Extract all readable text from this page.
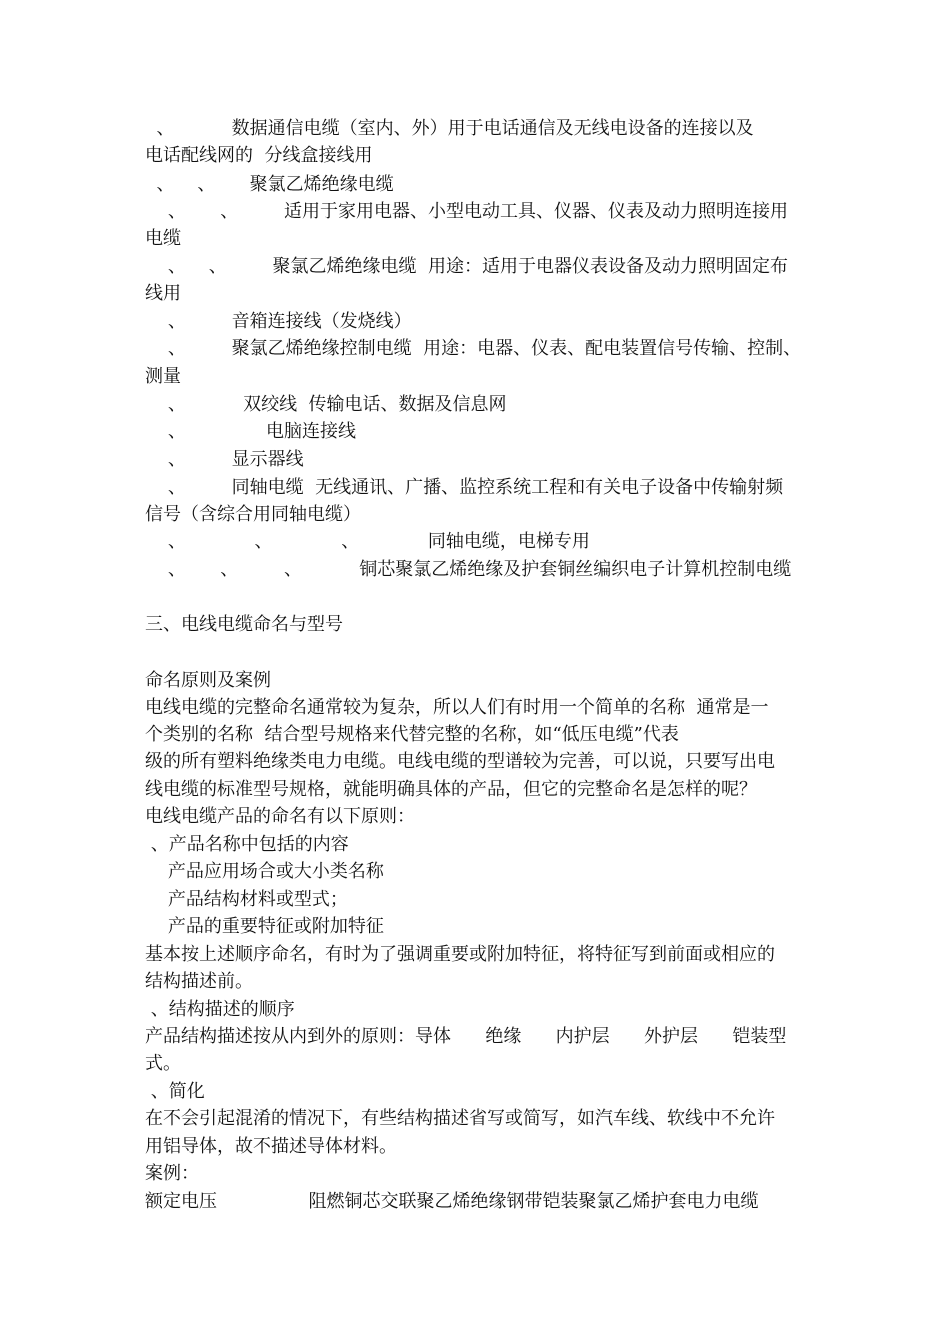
、          数据通信电缆（室内、外）用于电话通信及无线电设备的连接以及
电话配线网的  分线盒接线用
、    、      聚氯乙烯绝缘电缆
、      、        适用于家用电器、小型电动工具、仪器、仪表及动力照明连接用
电缆
、    、        聚氯乙烯绝缘电缆  用途：适用于电器仪表设备及动力照明固定布
线用
、        音箱连接线（发烧线）
、        聚氯乙烯绝缘控制电缆  用途：电器、仪表、配电装置信号传输、控制、
测量
、          双绞线  传输电话、数据及信息网
、              电脑连接线
、        显示器线
、        同轴电缆  无线通讯、广播、监控系统工程和有关电子设备中传输射频
信号（含综合用同轴电缆）
、            、            、            同轴电缆，电梯专用
、      、        、          铜芯聚氯乙烯绝缘及护套铜丝编织电子计算机控制电缆
三、电线电缆命名与型号
命名原则及案例
电线电缆的完整命名通常较为复杂，所以人们有时用一个简单的名称  通常是一
个类别的名称  结合型号规格来代替完整的名称，如“低压电缆”代表
级的所有塑料绝缘类电力电缆。电线电缆的型谱较为完善，可以说，只要写出电
线电缆的标准型号规格，就能明确具体的产品，但它的完整命名是怎样的呢？
电线电缆产品的命名有以下原则：
、产品名称中包括的内容
产品应用场合或大小类名称
产品结构材料或型式；
产品的重要特征或附加特征
基本按上述顺序命名，有时为了强调重要或附加特征，将特征写到前面或相应的
结构描述前。
、结构描述的顺序
产品结构描述按从内到外的原则：导体      绝缘      内护层      外护层      铠装型
式。
、简化
在不会引起混淆的情况下，有些结构描述省写或简写，如汽车线、软线中不允许
用铝导体，故不描述导体材料。
案例：
额定电压                阻燃铜芯交联聚乙烯绝缘钢带铠装聚氯乙烯护套电力电缆
